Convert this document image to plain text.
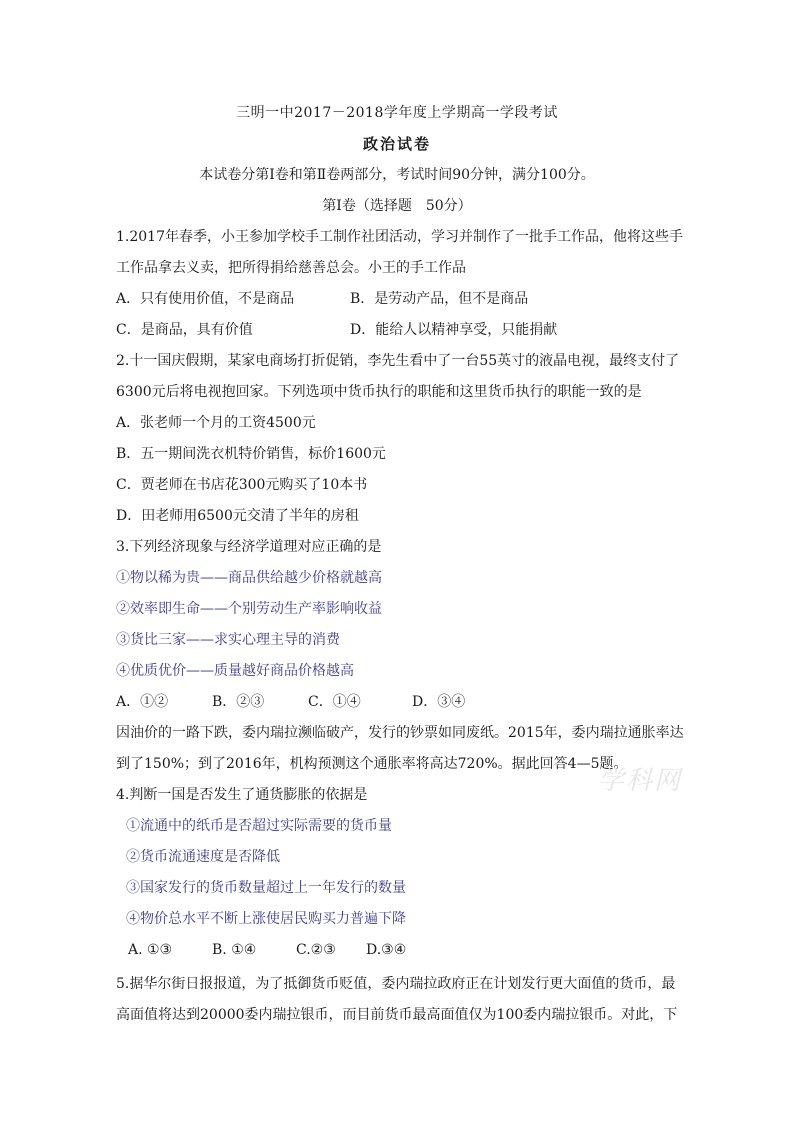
三明一中2017－2018学年度上学期高一学段考试
政治试卷
本试卷分第Ⅰ卷和第Ⅱ卷两部分，考试时间90分钟，满分100分。
第Ⅰ卷（选择题　50分）
1.2017年春季，小王参加学校手工制作社团活动，学习并制作了一批手工作品，他将这些手
工作品拿去义卖，把所得捐给慈善总会。小王的手工作品
A．只有使用价值，不是商品	B．是劳动产品，但不是商品
C．是商品，具有价值	D．能给人以精神享受，只能捐献
2.十一国庆假期，某家电商场打折促销，李先生看中了一台55英寸的液晶电视，最终支付了
6300元后将电视抱回家。下列选项中货币执行的职能和这里货币执行的职能一致的是
A．张老师一个月的工资4500元
B．五一期间洗衣机特价销售，标价1600元
C．贾老师在书店花300元购买了10本书
D．田老师用6500元交清了半年的房租
3.下列经济现象与经济学道理对应正确的是
①物以稀为贵——商品供给越少价格就越高
②效率即生命——个别劳动生产率影响收益
③货比三家——求实心理主导的消费
④优质优价——质量越好商品价格越高
A．①②	B．②③	C．①④	D．③④
因油价的一路下跌，委内瑞拉濒临破产，发行的钞票如同废纸。2015年，委内瑞拉通胀率达
到了150%；到了2016年，机构预测这个通胀率将高达720%。据此回答4—5题。
学科网
4.判断一国是否发生了通货膨胀的依据是
①流通中的纸币是否超过实际需要的货币量
②货币流通速度是否降低
③国家发行的货币数量超过上一年发行的数量
④物价总水平不断上涨使居民购买力普遍下降
A. ①③	B. ①④	C.②③ D.③④
5.据华尔街日报报道，为了抵御货币贬值，委内瑞拉政府正在计划发行更大面值的货币，最
高面值将达到20000委内瑞拉银币，而目前货币最高面值仅为100委内瑞拉银币。对此，下
